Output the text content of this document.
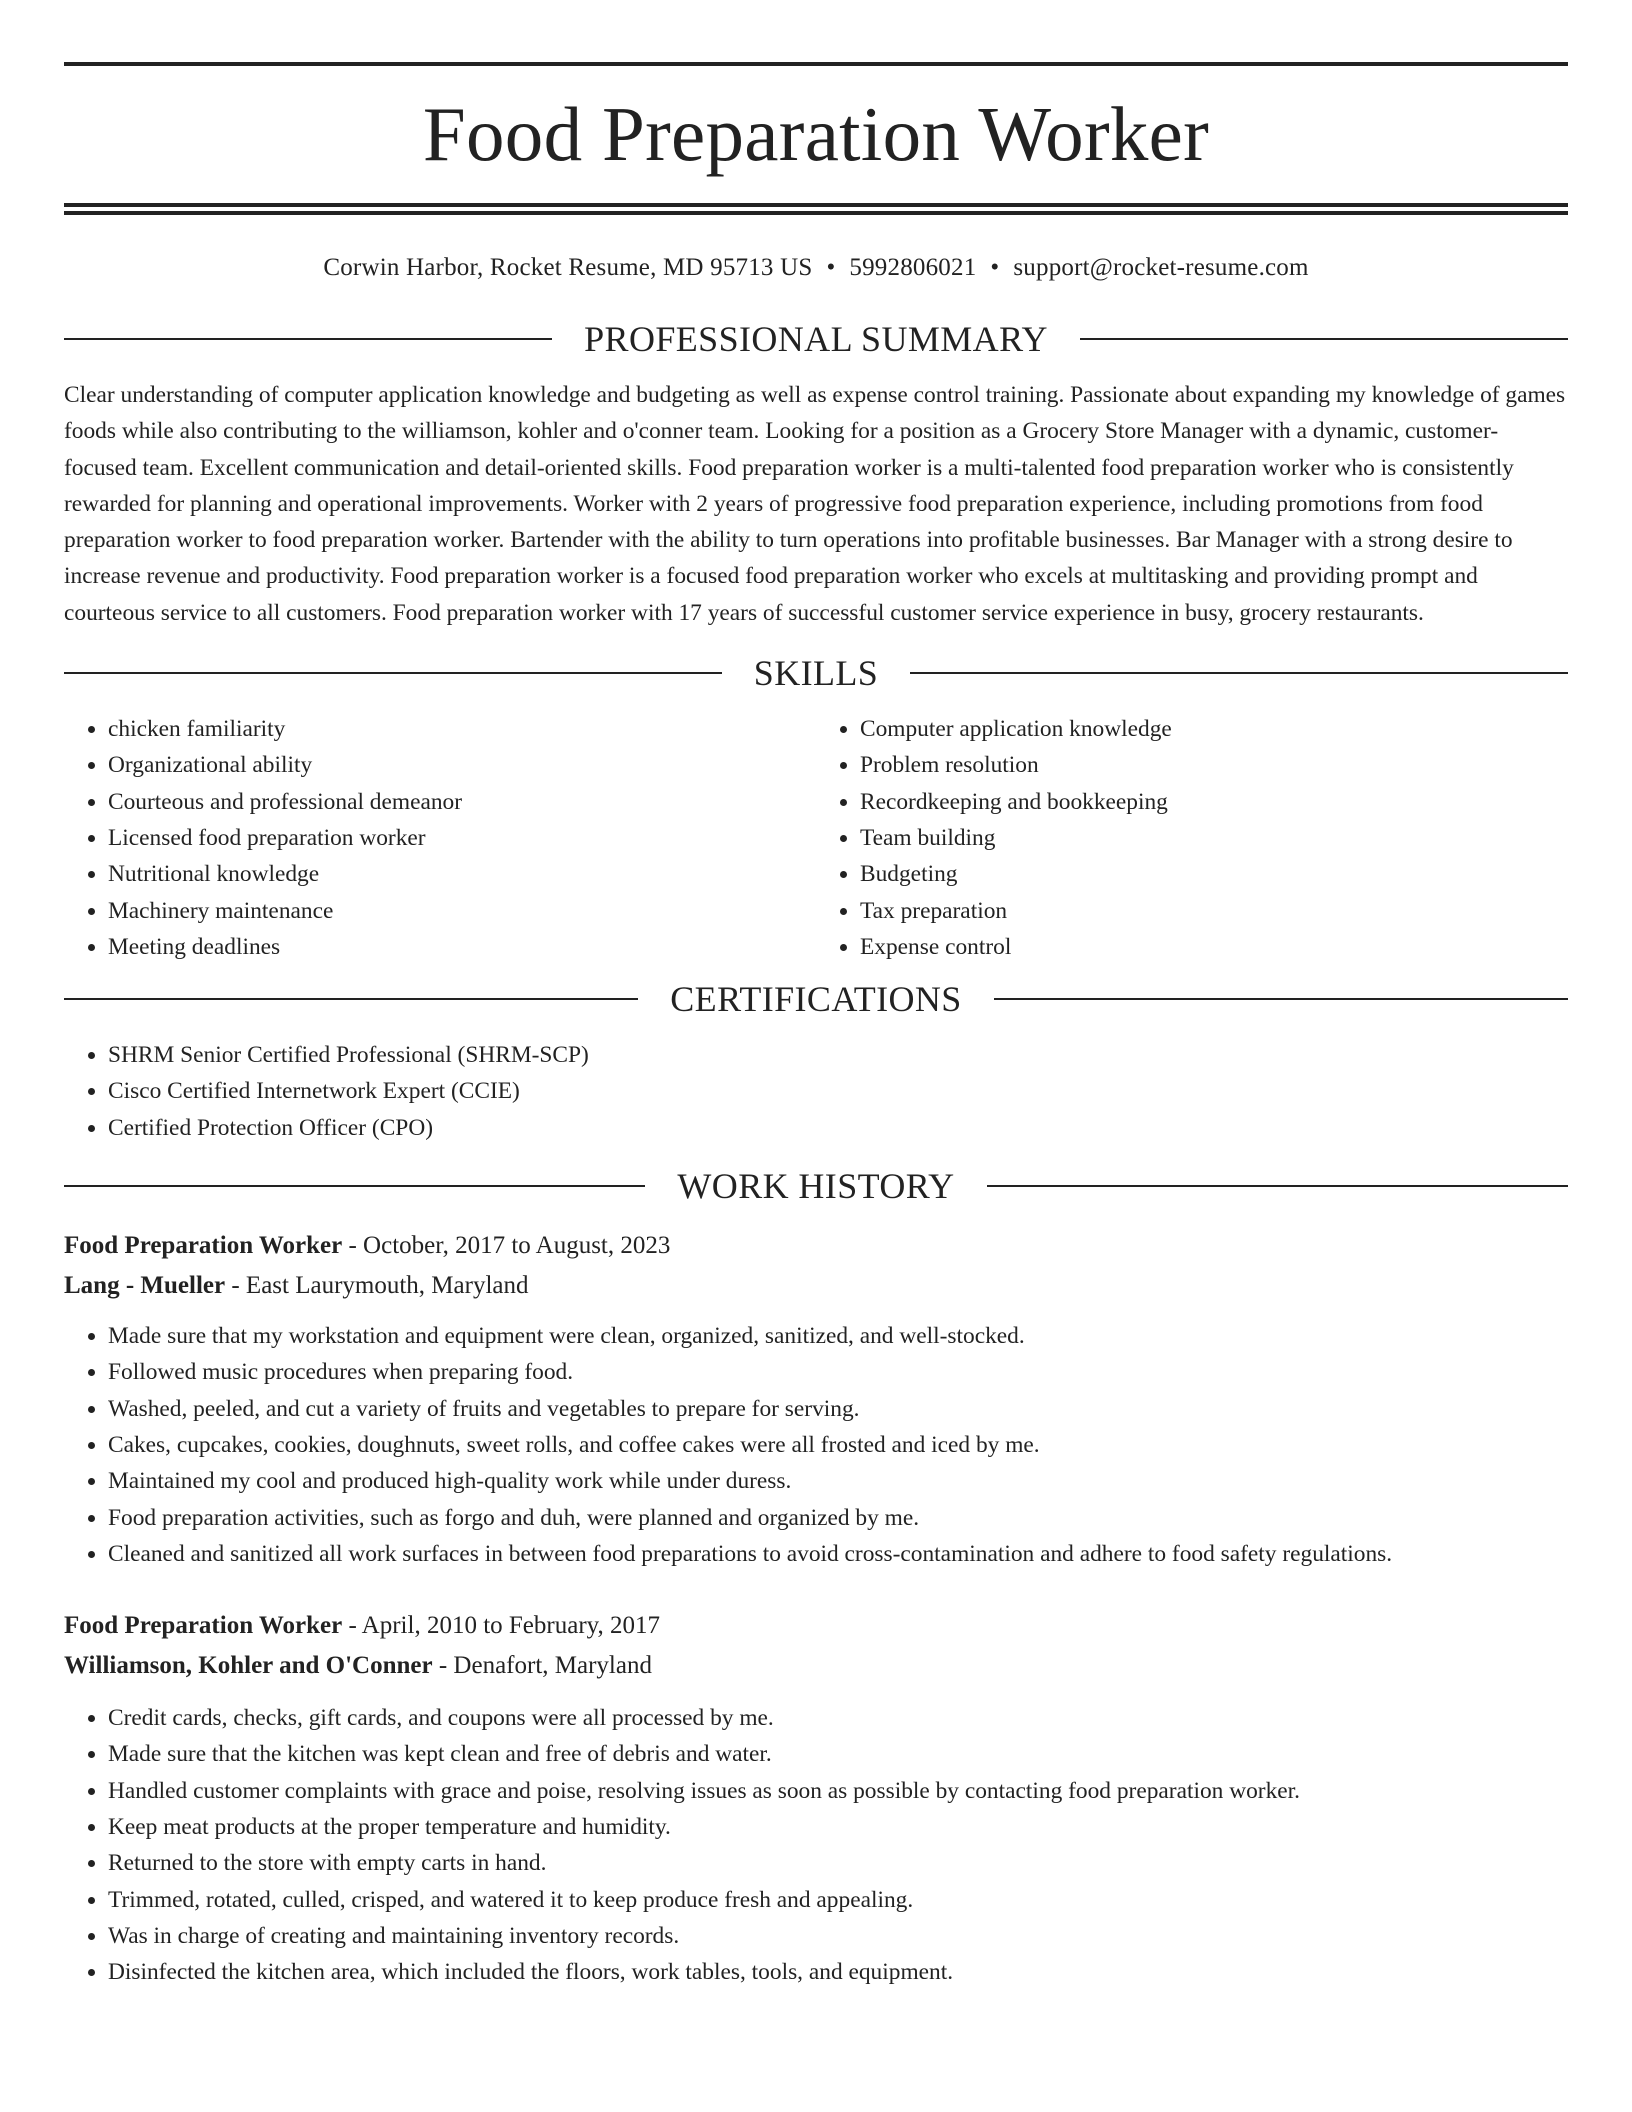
Food Preparation Worker
Corwin Harbor, Rocket Resume, MD 95713 US • 5992806021 • support@rocket-resume.com
PROFESSIONAL SUMMARY

Clear understanding of computer application knowledge and budgeting as well as expense control training. Passionate about expanding my knowledge of games foods while also contributing to the williamson, kohler and o'conner team. Looking for a position as a Grocery Store Manager with a dynamic, customer-focused team. Excellent communication and detail-oriented skills. Food preparation worker is a multi-talented food preparation worker who is consistently rewarded for planning and operational improvements. Worker with 2 years of progressive food preparation experience, including promotions from food preparation worker to food preparation worker. Bartender with the ability to turn operations into profitable businesses. Bar Manager with a strong desire to increase revenue and productivity. Food preparation worker is a focused food preparation worker who excels at multitasking and providing prompt and courteous service to all customers. Food preparation worker with 17 years of successful customer service experience in busy, grocery restaurants.

SKILLS
• chicken familiarity
• Organizational ability
• Courteous and professional demeanor
• Licensed food preparation worker
• Nutritional knowledge
• Machinery maintenance
• Meeting deadlines
• Computer application knowledge
• Problem resolution
• Recordkeeping and bookkeeping
• Team building
• Budgeting
• Tax preparation
• Expense control
CERTIFICATIONS
• SHRM Senior Certified Professional (SHRM-SCP)
• Cisco Certified Internetwork Expert (CCIE)
• Certified Protection Officer (CPO)
WORK HISTORY
Food Preparation Worker - October, 2017 to August, 2023
Lang - Mueller - East Laurymouth, Maryland
• Made sure that my workstation and equipment were clean, organized, sanitized, and well-stocked.
• Followed music procedures when preparing food.
• Washed, peeled, and cut a variety of fruits and vegetables to prepare for serving.
• Cakes, cupcakes, cookies, doughnuts, sweet rolls, and coffee cakes were all frosted and iced by me.
• Maintained my cool and produced high-quality work while under duress.
• Food preparation activities, such as forgo and duh, were planned and organized by me.
• Cleaned and sanitized all work surfaces in between food preparations to avoid cross-contamination and adhere to food safety regulations.
Food Preparation Worker - April, 2010 to February, 2017
Williamson, Kohler and O'Conner - Denafort, Maryland
• Credit cards, checks, gift cards, and coupons were all processed by me.
• Made sure that the kitchen was kept clean and free of debris and water.
• Handled customer complaints with grace and poise, resolving issues as soon as possible by contacting food preparation worker.
• Keep meat products at the proper temperature and humidity.
• Returned to the store with empty carts in hand.
• Trimmed, rotated, culled, crisped, and watered it to keep produce fresh and appealing.
• Was in charge of creating and maintaining inventory records.
• Disinfected the kitchen area, which included the floors, work tables, tools, and equipment.
